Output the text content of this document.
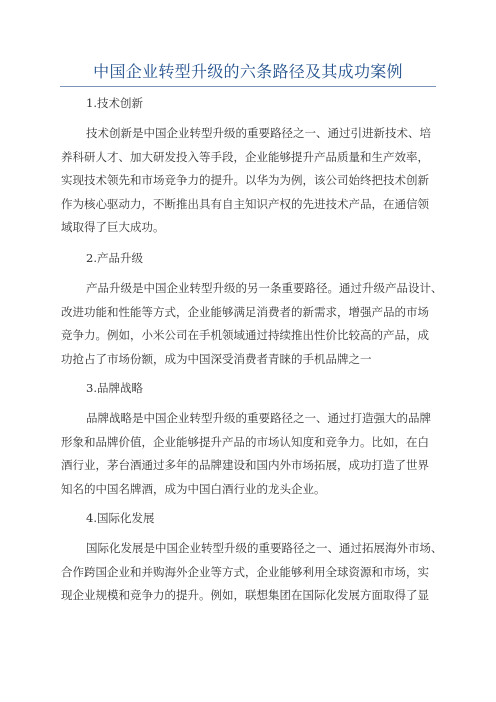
中国企业转型升级的六条路径及其成功案例
1.技术创新
技术创新是中国企业转型升级的重要路径之一、通过引进新技术、培
养科研人才、加大研发投入等手段，企业能够提升产品质量和生产效率，
实现技术领先和市场竞争力的提升。以华为为例，该公司始终把技术创新
作为核心驱动力，不断推出具有自主知识产权的先进技术产品，在通信领
域取得了巨大成功。
2.产品升级
产品升级是中国企业转型升级的另一条重要路径。通过升级产品设计、
改进功能和性能等方式，企业能够满足消费者的新需求，增强产品的市场
竞争力。例如，小米公司在手机领域通过持续推出性价比较高的产品，成
功抢占了市场份额，成为中国深受消费者青睐的手机品牌之一
3.品牌战略
品牌战略是中国企业转型升级的重要路径之一、通过打造强大的品牌
形象和品牌价值，企业能够提升产品的市场认知度和竞争力。比如，在白
酒行业，茅台酒通过多年的品牌建设和国内外市场拓展，成功打造了世界
知名的中国名牌酒，成为中国白酒行业的龙头企业。
4.国际化发展
国际化发展是中国企业转型升级的重要路径之一、通过拓展海外市场、
合作跨国企业和并购海外企业等方式，企业能够利用全球资源和市场，实
现企业规模和竞争力的提升。例如，联想集团在国际化发展方面取得了显
